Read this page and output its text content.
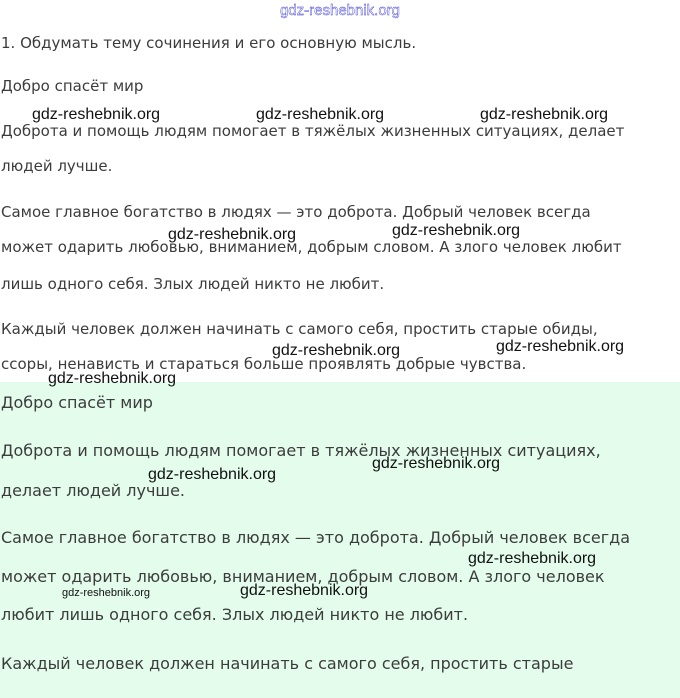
gdz-reshebnik.org
1. Обдумать тему сочинения и его основную мысль.
Добро спасёт мир
Доброта и помощь людям помогает в тяжёлых жизненных ситуациях, делает
людей лучше.
Самое главное богатство в людях — это доброта. Добрый человек всегда
может одарить любовью, вниманием, добрым словом. А злого человек любит
лишь одного себя. Злых людей никто не любит.
Каждый человек должен начинать с самого себя, простить старые обиды,
ссоры, ненависть и стараться больше проявлять добрые чувства.
Добро спасёт мир
Доброта и помощь людям помогает в тяжёлых жизненных ситуациях,
делает людей лучше.
Самое главное богатство в людях — это доброта. Добрый человек всегда
может одарить любовью, вниманием, добрым словом. А злого человек
любит лишь одного себя. Злых людей никто не любит.
Каждый человек должен начинать с самого себя, простить старые
gdz-reshebnik.org	gdz-reshebnik.org	gdz-reshebnik.org
gdz-reshebnik.org	gdz-reshebnik.org
gdz-reshebnik.org	gdz-reshebnik.org
gdz-reshebnik.org
gdz-reshebnik.org
gdz-reshebnik.org
gdz-reshebnik.org
gdz-reshebnik.org	gdz-reshebnik.org
